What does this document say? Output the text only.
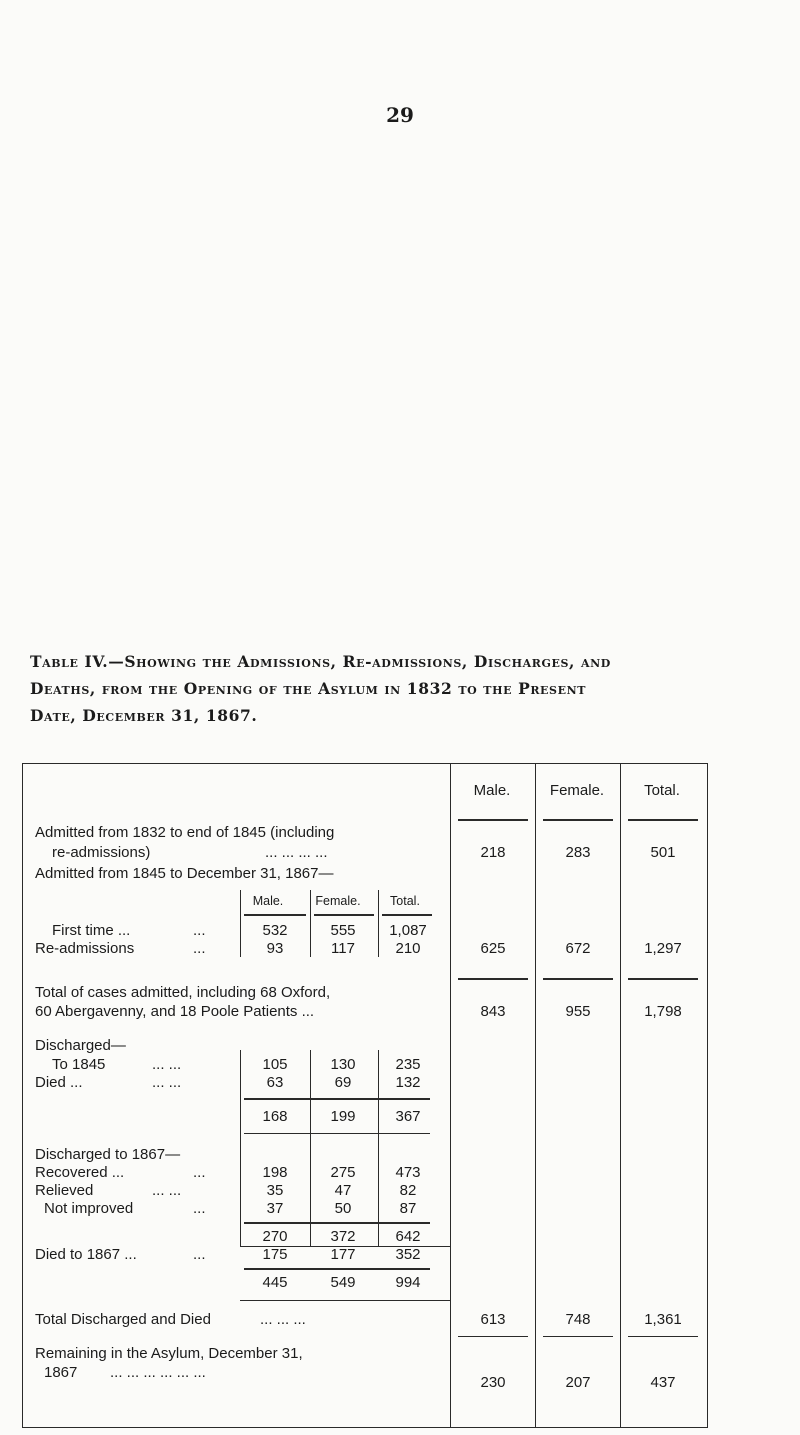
29
Table IV.—Showing the Admissions, Re-admissions, Discharges, and
Deaths, from the Opening of the Asylum in 1832 to the Present
Date, December 31, 1867.
Male.	Female.	Total.
Admitted from 1832 to end of 1845 (including
re-admissions)	... ... ... ...	218	283	501
Admitted from 1845 to December 31, 1867—
Male.	Female.	Total.
First time ...	...	532	555	1,087
Re-admissions	...	93	117	210	625	672	1,297
Total of cases admitted, including 68 Oxford,
60 Abergavenny, and 18 Poole Patients ...	843	955	1,798
Discharged—
To 1845	... ...	105	130	235
Died ...	... ...	63	69	132
168	199	367
Discharged to 1867—
Recovered ...	...	198	275	473
Relieved	... ...	35	47	82
Not improved	...	37	50	87
270	372	642
Died to 1867 ...	...	175	177	352
445	549	994
Total Discharged and Died	... ... ...	613	748	1,361
Remaining in the Asylum, December 31,
1867 ... ... ... ... ... ...
230	207	437
